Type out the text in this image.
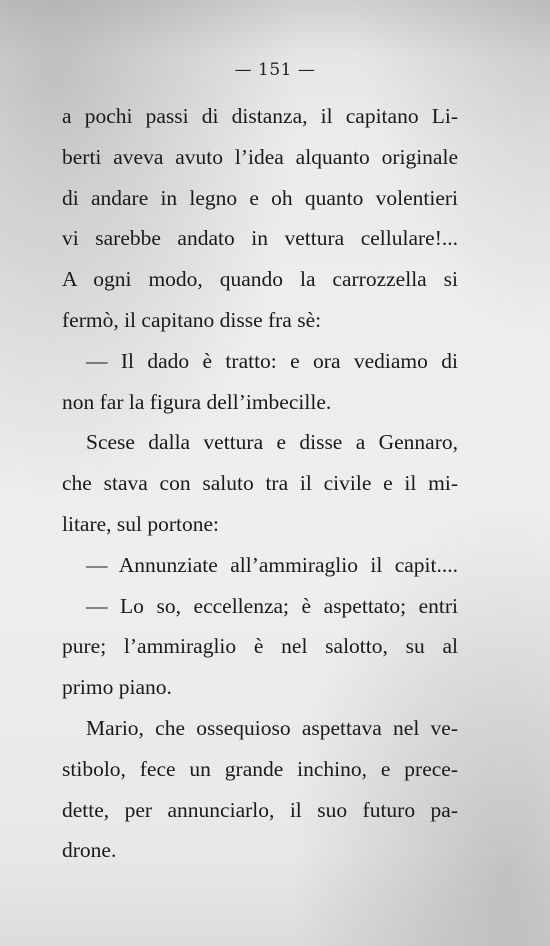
— 151 —
a pochi passi di distanza, il capitano Li-
berti aveva avuto l’idea alquanto originale
di andare in legno e oh quanto volentieri
vi sarebbe andato in vettura cellulare!...
A ogni modo, quando la carrozzella si
fermò, il capitano disse fra sè:
— Il dado è tratto: e ora vediamo di
non far la figura dell’imbecille.
Scese dalla vettura e disse a Gennaro,
che stava con saluto tra il civile e il mi-
litare, sul portone:
— Annunziate all’ammiraglio il capit....
— Lo so, eccellenza; è aspettato; entri
pure; l’ammiraglio è nel salotto, su al
primo piano.
Mario, che ossequioso aspettava nel ve-
stibolo, fece un grande inchino, e prece-
dette, per annunciarlo, il suo futuro pa-
drone.
